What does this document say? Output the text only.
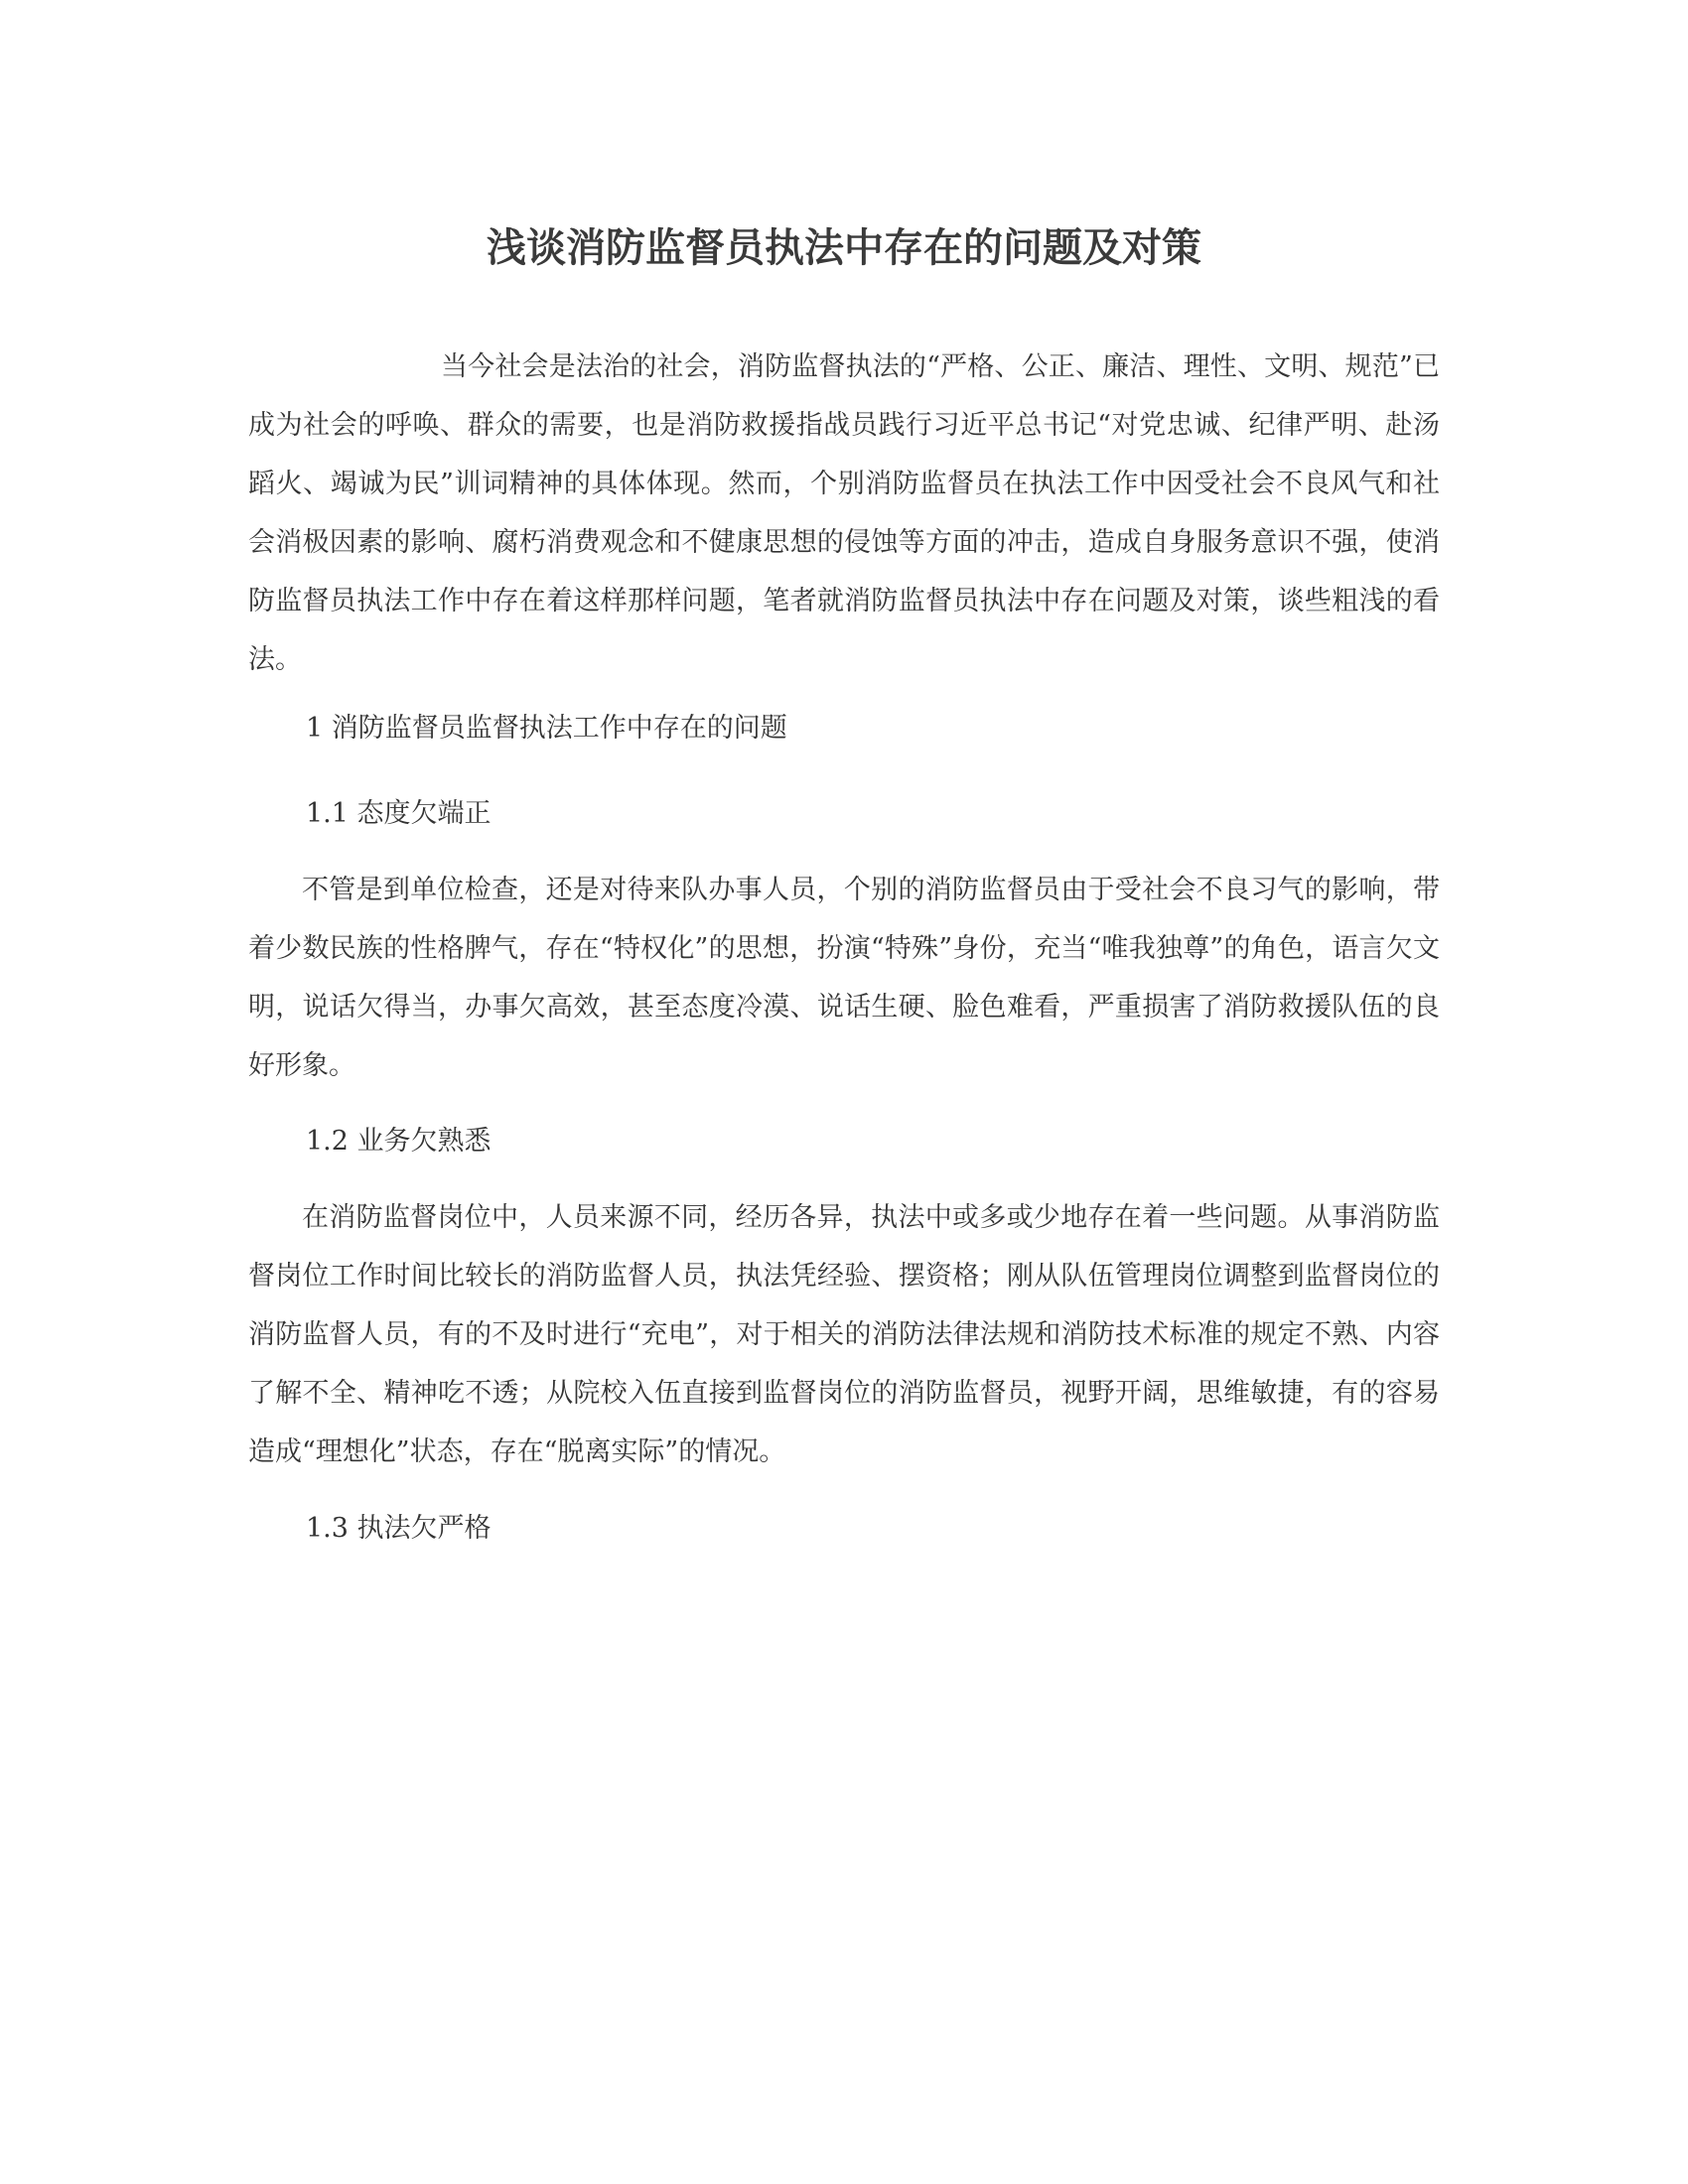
浅谈消防监督员执法中存在的问题及对策

当今社会是法治的社会，消防监督执法的“严格、公正、廉洁、理性、文明、规范”已成为社会的呼唤、群众的需要，也是消防救援指战员践行习近平总书记“对党忠诚、纪律严明、赴汤蹈火、竭诚为民”训词精神的具体体现。然而，个别消防监督员在执法工作中因受社会不良风气和社会消极因素的影响、腐朽消费观念和不健康思想的侵蚀等方面的冲击，造成自身服务意识不强，使消防监督员执法工作中存在着这样那样问题，笔者就消防监督员执法中存在问题及对策，谈些粗浅的看法。

1 消防监督员监督执法工作中存在的问题

1.1 态度欠端正

不管是到单位检查，还是对待来队办事人员，个别的消防监督员由于受社会不良习气的影响，带着少数民族的性格脾气，存在“特权化”的思想，扮演“特殊”身份，充当“唯我独尊”的角色，语言欠文明，说话欠得当，办事欠高效，甚至态度冷漠、说话生硬、脸色难看，严重损害了消防救援队伍的良好形象。

1.2 业务欠熟悉

在消防监督岗位中，人员来源不同，经历各异，执法中或多或少地存在着一些问题。从事消防监督岗位工作时间比较长的消防监督人员，执法凭经验、摆资格；刚从队伍管理岗位调整到监督岗位的消防监督人员，有的不及时进行“充电”，对于相关的消防法律法规和消防技术标准的规定不熟、内容了解不全、精神吃不透；从院校入伍直接到监督岗位的消防监督员，视野开阔，思维敏捷，有的容易造成“理想化”状态，存在“脱离实际”的情况。

1.3 执法欠严格
